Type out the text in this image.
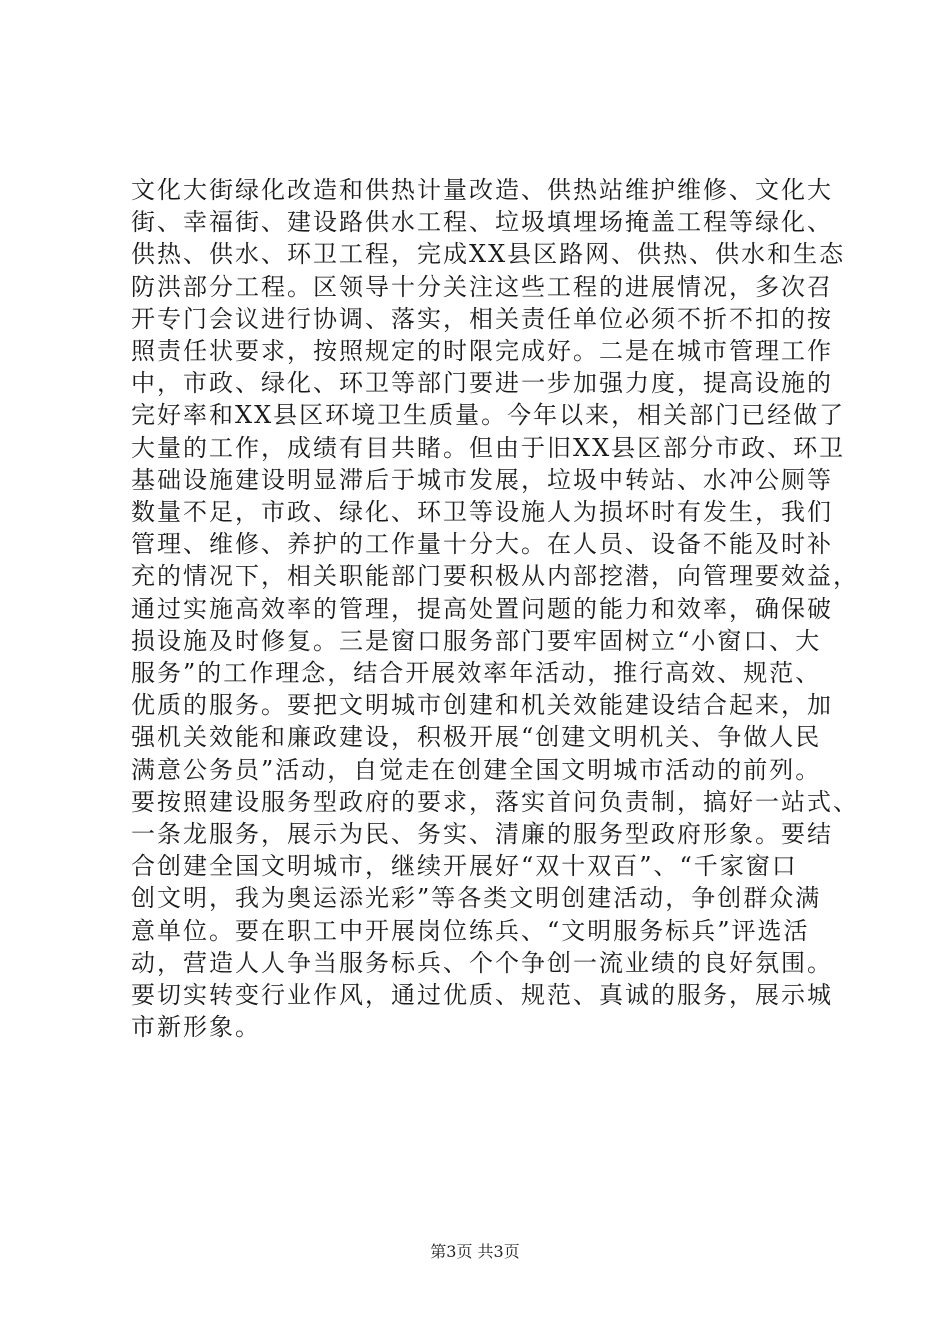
文化大街绿化改造和供热计量改造、供热站维护维修、文化大
街、幸福街、建设路供水工程、垃圾填埋场掩盖工程等绿化、
供热、供水、环卫工程，完成XX县区路网、供热、供水和生态
防洪部分工程。区领导十分关注这些工程的进展情况，多次召
开专门会议进行协调、落实，相关责任单位必须不折不扣的按
照责任状要求，按照规定的时限完成好。二是在城市管理工作
中，市政、绿化、环卫等部门要进一步加强力度，提高设施的
完好率和XX县区环境卫生质量。今年以来，相关部门已经做了
大量的工作，成绩有目共睹。但由于旧XX县区部分市政、环卫
基础设施建设明显滞后于城市发展，垃圾中转站、水冲公厕等
数量不足，市政、绿化、环卫等设施人为损坏时有发生，我们
管理、维修、养护的工作量十分大。在人员、设备不能及时补
充的情况下，相关职能部门要积极从内部挖潜，向管理要效益，
通过实施高效率的管理，提高处置问题的能力和效率，确保破
损设施及时修复。三是窗口服务部门要牢固树立“小窗口、大
服务”的工作理念，结合开展效率年活动，推行高效、规范、
优质的服务。要把文明城市创建和机关效能建设结合起来，加
强机关效能和廉政建设，积极开展“创建文明机关、争做人民
满意公务员”活动，自觉走在创建全国文明城市活动的前列。
要按照建设服务型政府的要求，落实首问负责制，搞好一站式、
一条龙服务，展示为民、务实、清廉的服务型政府形象。要结
合创建全国文明城市，继续开展好“双十双百”、“千家窗口
创文明，我为奥运添光彩”等各类文明创建活动，争创群众满
意单位。要在职工中开展岗位练兵、“文明服务标兵”评选活
动，营造人人争当服务标兵、个个争创一流业绩的良好氛围。
要切实转变行业作风，通过优质、规范、真诚的服务，展示城
市新形象。
第3页 共3页
